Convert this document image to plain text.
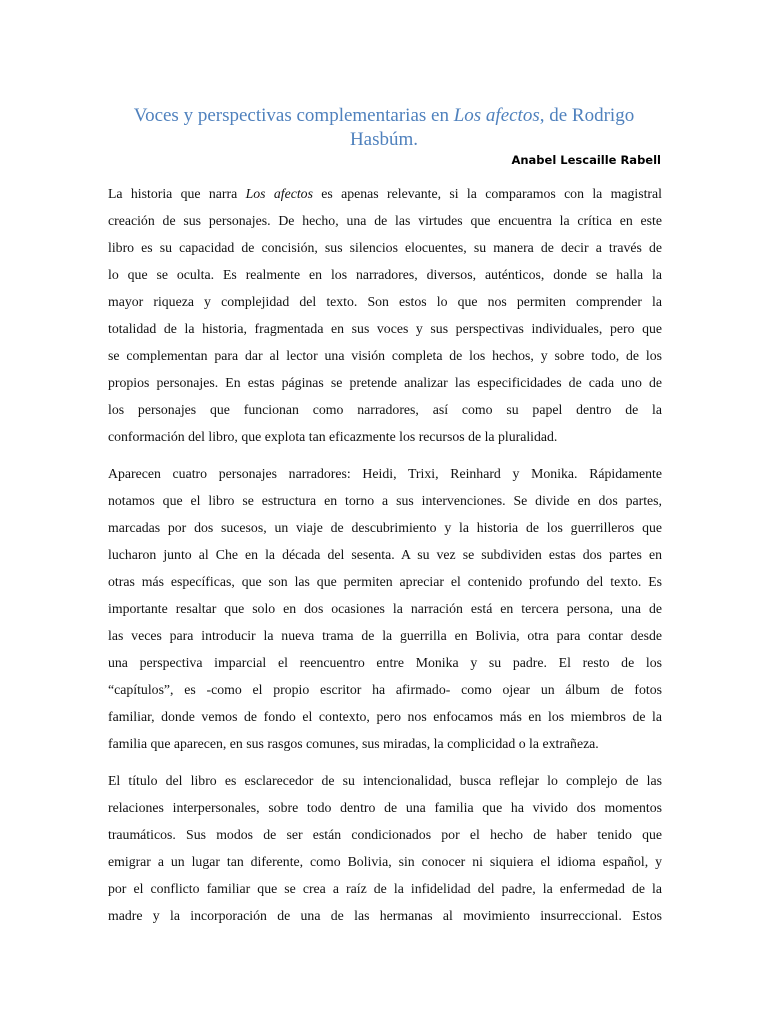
Voces y perspectivas complementarias en Los afectos, de Rodrigo Hasbúm.
Anabel Lescaille Rabell

La historia que narra Los afectos es apenas relevante, si la comparamos con la magistral
creación de sus personajes. De hecho, una de las virtudes que encuentra la crítica en este
libro es su capacidad de concisión, sus silencios elocuentes, su manera de decir a través de
lo que se oculta. Es realmente en los narradores, diversos, auténticos, donde se halla la
mayor riqueza y complejidad del texto. Son estos lo que nos permiten comprender la
totalidad de la historia, fragmentada en sus voces y sus perspectivas individuales, pero que
se complementan para dar al lector una visión completa de los hechos, y sobre todo, de los
propios personajes. En estas páginas se pretende analizar las especificidades de cada uno de
los personajes que funcionan como narradores, así como su papel dentro de la
conformación del libro, que explota tan eficazmente los recursos de la pluralidad.

Aparecen cuatro personajes narradores: Heidi, Trixi, Reinhard y Monika. Rápidamente
notamos que el libro se estructura en torno a sus intervenciones. Se divide en dos partes,
marcadas por dos sucesos, un viaje de descubrimiento y la historia de los guerrilleros que
lucharon junto al Che en la década del sesenta. A su vez se subdividen estas dos partes en
otras más específicas, que son las que permiten apreciar el contenido profundo del texto. Es
importante resaltar que solo en dos ocasiones la narración está en tercera persona, una de
las veces para introducir la nueva trama de la guerrilla en Bolivia, otra para contar desde
una perspectiva imparcial el reencuentro entre Monika y su padre. El resto de los
“capítulos”, es -como el propio escritor ha afirmado- como ojear un álbum de fotos
familiar, donde vemos de fondo el contexto, pero nos enfocamos más en los miembros de la
familia que aparecen, en sus rasgos comunes, sus miradas, la complicidad o la extrañeza.

El título del libro es esclarecedor de su intencionalidad, busca reflejar lo complejo de las
relaciones interpersonales, sobre todo dentro de una familia que ha vivido dos momentos
traumáticos. Sus modos de ser están condicionados por el hecho de haber tenido que
emigrar a un lugar tan diferente, como Bolivia, sin conocer ni siquiera el idioma español, y
por el conflicto familiar que se crea a raíz de la infidelidad del padre, la enfermedad de la
madre y la incorporación de una de las hermanas al movimiento insurreccional. Estos
